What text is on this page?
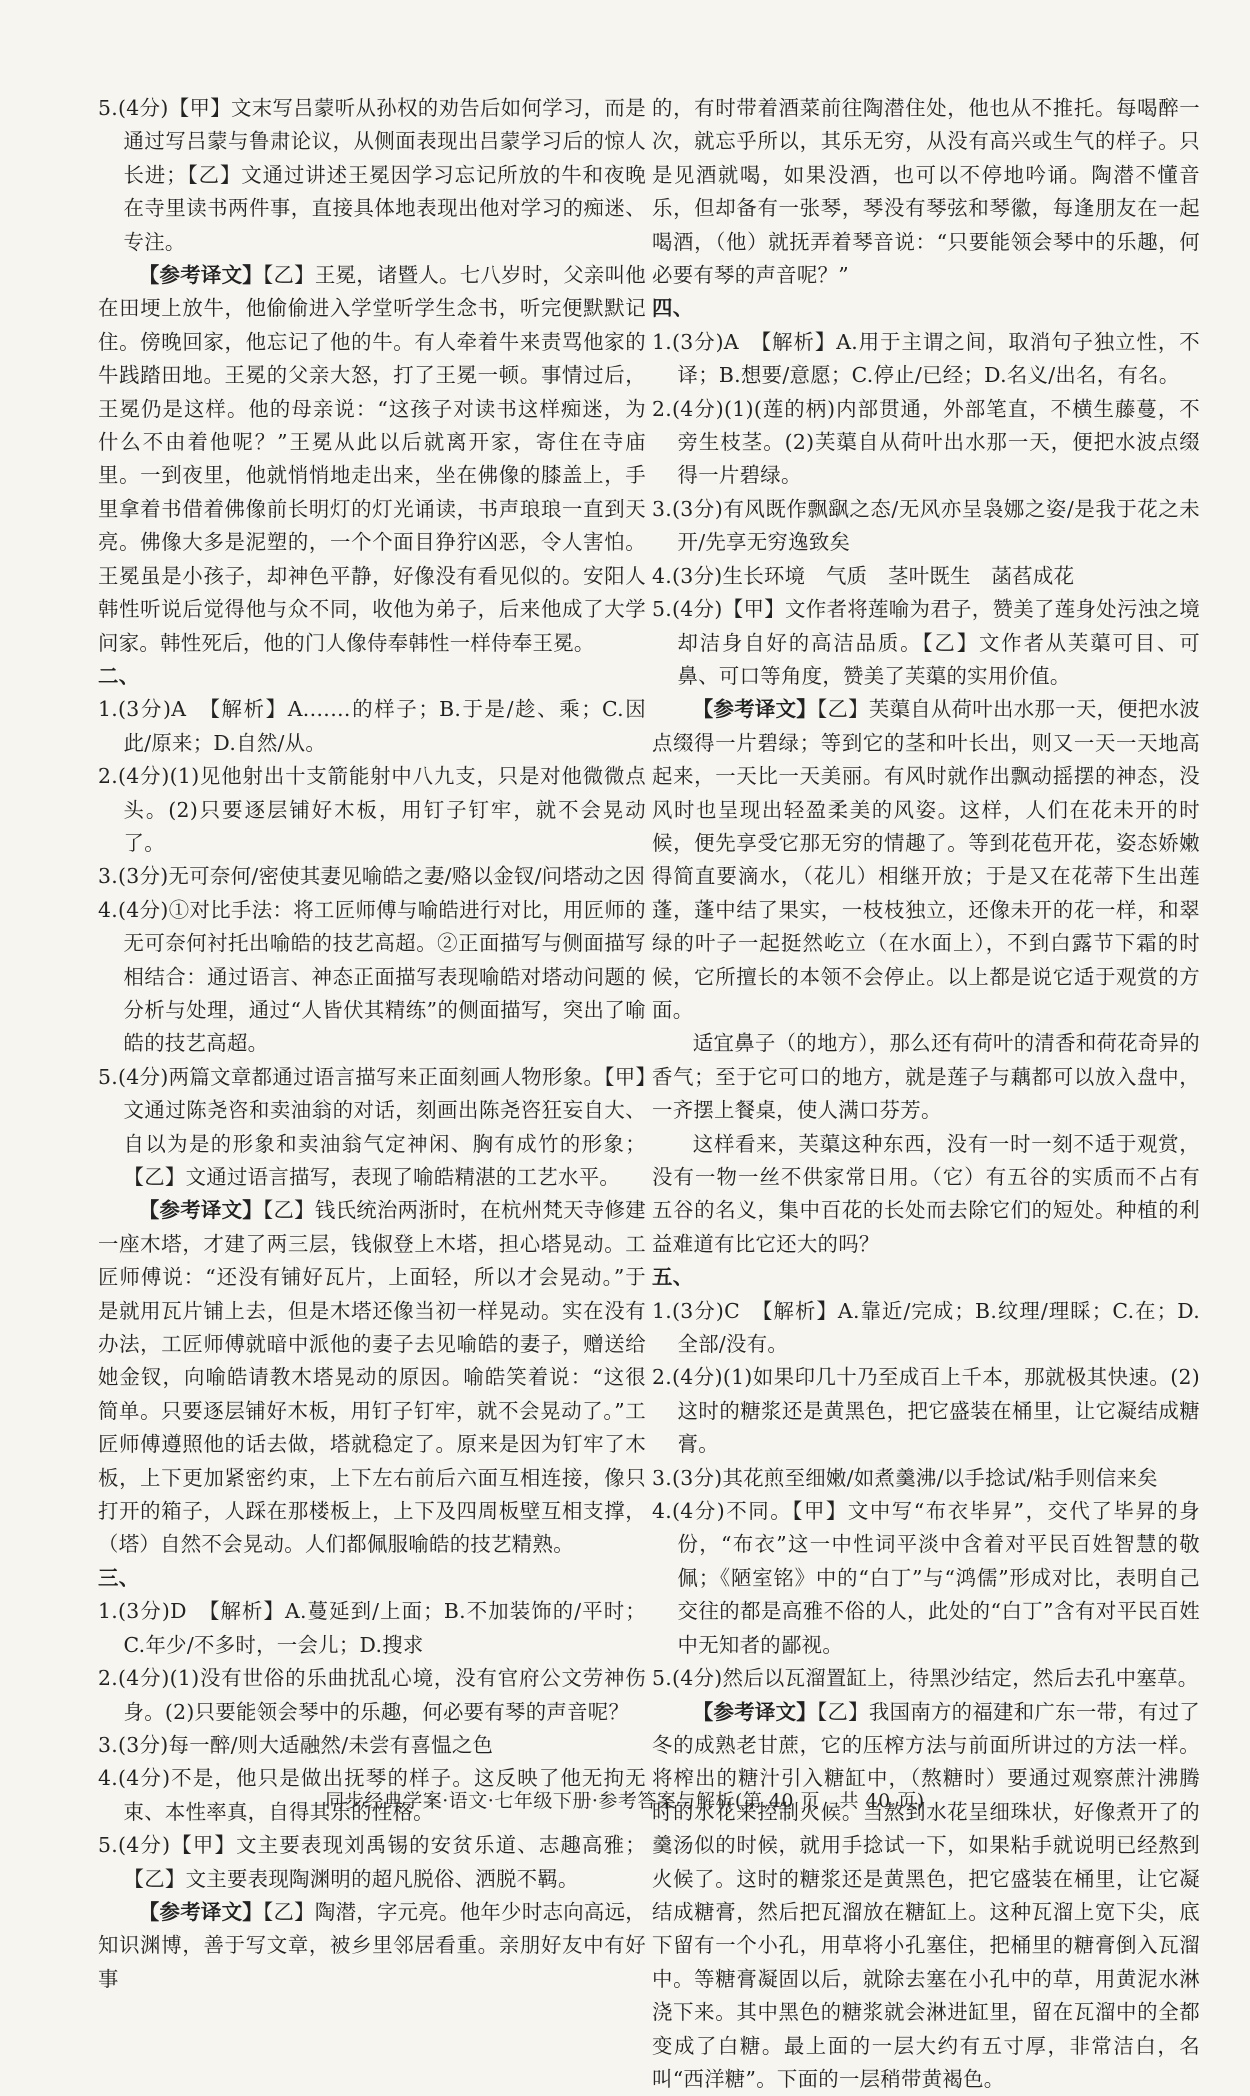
5.(4分)【甲】文末写吕蒙听从孙权的劝告后如何学习，而是通过写吕蒙与鲁肃论议，从侧面表现出吕蒙学习后的惊人长进；【乙】文通过讲述王冕因学习忘记所放的牛和夜晚在寺里读书两件事，直接具体地表现出他对学习的痴迷、专注。

【参考译文】【乙】王冕，诸暨人。七八岁时，父亲叫他在田埂上放牛，他偷偷进入学堂听学生念书，听完便默默记住。傍晚回家，他忘记了他的牛。有人牵着牛来责骂他家的牛践踏田地。王冕的父亲大怒，打了王冕一顿。事情过后，王冕仍是这样。他的母亲说：“这孩子对读书这样痴迷，为什么不由着他呢？”王冕从此以后就离开家，寄住在寺庙里。一到夜里，他就悄悄地走出来，坐在佛像的膝盖上，手里拿着书借着佛像前长明灯的灯光诵读，书声琅琅一直到天亮。佛像大多是泥塑的，一个个面目狰狞凶恶，令人害怕。王冕虽是小孩子，却神色平静，好像没有看见似的。安阳人韩性听说后觉得他与众不同，收他为弟子，后来他成了大学问家。韩性死后，他的门人像侍奉韩性一样侍奉王冕。

二、

1.(3分)A　【解析】A.……的样子；B.于是/趁、乘；C.因此/原来；D.自然/从。

2.(4分)(1)见他射出十支箭能射中八九支，只是对他微微点头。(2)只要逐层铺好木板，用钉子钉牢，就不会晃动了。

3.(3分)无可奈何/密使其妻见喻皓之妻/赂以金钗/问塔动之因

4.(4分)①对比手法：将工匠师傅与喻皓进行对比，用匠师的无可奈何衬托出喻皓的技艺高超。②正面描写与侧面描写相结合：通过语言、神态正面描写表现喻皓对塔动问题的分析与处理，通过“人皆伏其精练”的侧面描写，突出了喻皓的技艺高超。

5.(4分)两篇文章都通过语言描写来正面刻画人物形象。【甲】文通过陈尧咨和卖油翁的对话，刻画出陈尧咨狂妄自大、自以为是的形象和卖油翁气定神闲、胸有成竹的形象；【乙】文通过语言描写，表现了喻皓精湛的工艺水平。

【参考译文】【乙】钱氏统治两浙时，在杭州梵天寺修建一座木塔，才建了两三层，钱俶登上木塔，担心塔晃动。工匠师傅说：“还没有铺好瓦片，上面轻，所以才会晃动。”于是就用瓦片铺上去，但是木塔还像当初一样晃动。实在没有办法，工匠师傅就暗中派他的妻子去见喻皓的妻子，赠送给她金钗，向喻皓请教木塔晃动的原因。喻皓笑着说：“这很简单。只要逐层铺好木板，用钉子钉牢，就不会晃动了。”工匠师傅遵照他的话去做，塔就稳定了。原来是因为钉牢了木板，上下更加紧密约束，上下左右前后六面互相连接，像只打开的箱子，人踩在那楼板上，上下及四周板壁互相支撑，（塔）自然不会晃动。人们都佩服喻皓的技艺精熟。

三、

1.(3分)D　【解析】A.蔓延到/上面；B.不加装饰的/平时；C.年少/不多时，一会儿；D.搜求

2.(4分)(1)没有世俗的乐曲扰乱心境，没有官府公文劳神伤身。(2)只要能领会琴中的乐趣，何必要有琴的声音呢？

3.(3分)每一醉/则大适融然/未尝有喜愠之色

4.(4分)不是，他只是做出抚琴的样子。这反映了他无拘无束、本性率真，自得其乐的性格。

5.(4分)【甲】文主要表现刘禹锡的安贫乐道、志趣高雅；【乙】文主要表现陶渊明的超凡脱俗、洒脱不羁。

【参考译文】【乙】陶潜，字元亮。他年少时志向高远，知识渊博，善于写文章，被乡里邻居看重。亲朋好友中有好事

的，有时带着酒菜前往陶潜住处，他也从不推托。每喝醉一次，就忘乎所以，其乐无穷，从没有高兴或生气的样子。只是见酒就喝，如果没酒，也可以不停地吟诵。陶潜不懂音乐，但却备有一张琴，琴没有琴弦和琴徽，每逢朋友在一起喝酒，（他）就抚弄着琴音说：“只要能领会琴中的乐趣，何必要有琴的声音呢？”

四、

1.(3分)A　【解析】A.用于主谓之间，取消句子独立性，不译；B.想要/意愿；C.停止/已经；D.名义/出名，有名。

2.(4分)(1)(莲的柄)内部贯通，外部笔直，不横生藤蔓，不旁生枝茎。(2)芙蕖自从荷叶出水那一天，便把水波点缀得一片碧绿。

3.(3分)有风既作飘飖之态/无风亦呈袅娜之姿/是我于花之未开/先享无穷逸致矣

4.(3分)生长环境　气质　茎叶既生　菡萏成花

5.(4分)【甲】文作者将莲喻为君子，赞美了莲身处污浊之境却洁身自好的高洁品质。【乙】文作者从芙蕖可目、可鼻、可口等角度，赞美了芙蕖的实用价值。

【参考译文】【乙】芙蕖自从荷叶出水那一天，便把水波点缀得一片碧绿；等到它的茎和叶长出，则又一天一天地高起来，一天比一天美丽。有风时就作出飘动摇摆的神态，没风时也呈现出轻盈柔美的风姿。这样，人们在花未开的时候，便先享受它那无穷的情趣了。等到花苞开花，姿态娇嫩得简直要滴水，（花儿）相继开放；于是又在花蒂下生出莲蓬，蓬中结了果实，一枝枝独立，还像未开的花一样，和翠绿的叶子一起挺然屹立（在水面上），不到白露节下霜的时候，它所擅长的本领不会停止。以上都是说它适于观赏的方面。

适宜鼻子（的地方），那么还有荷叶的清香和荷花奇异的香气；至于它可口的地方，就是莲子与藕都可以放入盘中，一齐摆上餐桌，使人满口芬芳。

这样看来，芙蕖这种东西，没有一时一刻不适于观赏，没有一物一丝不供家常日用。（它）有五谷的实质而不占有五谷的名义，集中百花的长处而去除它们的短处。种植的利益难道有比它还大的吗？

五、

1.(3分)C　【解析】A.靠近/完成；B.纹理/理睬；C.在；D.全部/没有。

2.(4分)(1)如果印几十乃至成百上千本，那就极其快速。(2)这时的糖浆还是黄黑色，把它盛装在桶里，让它凝结成糖膏。

3.(3分)其花煎至细嫩/如煮羹沸/以手捻试/粘手则信来矣

4.(4分)不同。【甲】文中写“布衣毕昇”，交代了毕昇的身份，“布衣”这一中性词平淡中含着对平民百姓智慧的敬佩；《陋室铭》中的“白丁”与“鸿儒”形成对比，表明自己交往的都是高雅不俗的人，此处的“白丁”含有对平民百姓中无知者的鄙视。

5.(4分)然后以瓦溜置缸上，待黑沙结定，然后去孔中塞草。

【参考译文】【乙】我国南方的福建和广东一带，有过了冬的成熟老甘蔗，它的压榨方法与前面所讲过的方法一样。将榨出的糖汁引入糖缸中，（熬糖时）要通过观察蔗汁沸腾时的水花来控制火候。当熬到水花呈细珠状，好像煮开了的羹汤似的时候，就用手捻试一下，如果粘手就说明已经熬到火候了。这时的糖浆还是黄黑色，把它盛装在桶里，让它凝结成糖膏，然后把瓦溜放在糖缸上。这种瓦溜上宽下尖，底下留有一个小孔，用草将小孔塞住，把桶里的糖膏倒入瓦溜中。等糖膏凝固以后，就除去塞在小孔中的草，用黄泥水淋浇下来。其中黑色的糖浆就会淋进缸里，留在瓦溜中的全都变成了白糖。最上面的一层大约有五寸厚，非常洁白，名叫“西洋糖”。下面的一层稍带黄褐色。

同步经典学案·语文·七年级下册·参考答案与解析(第 40 页　共 40 页)
